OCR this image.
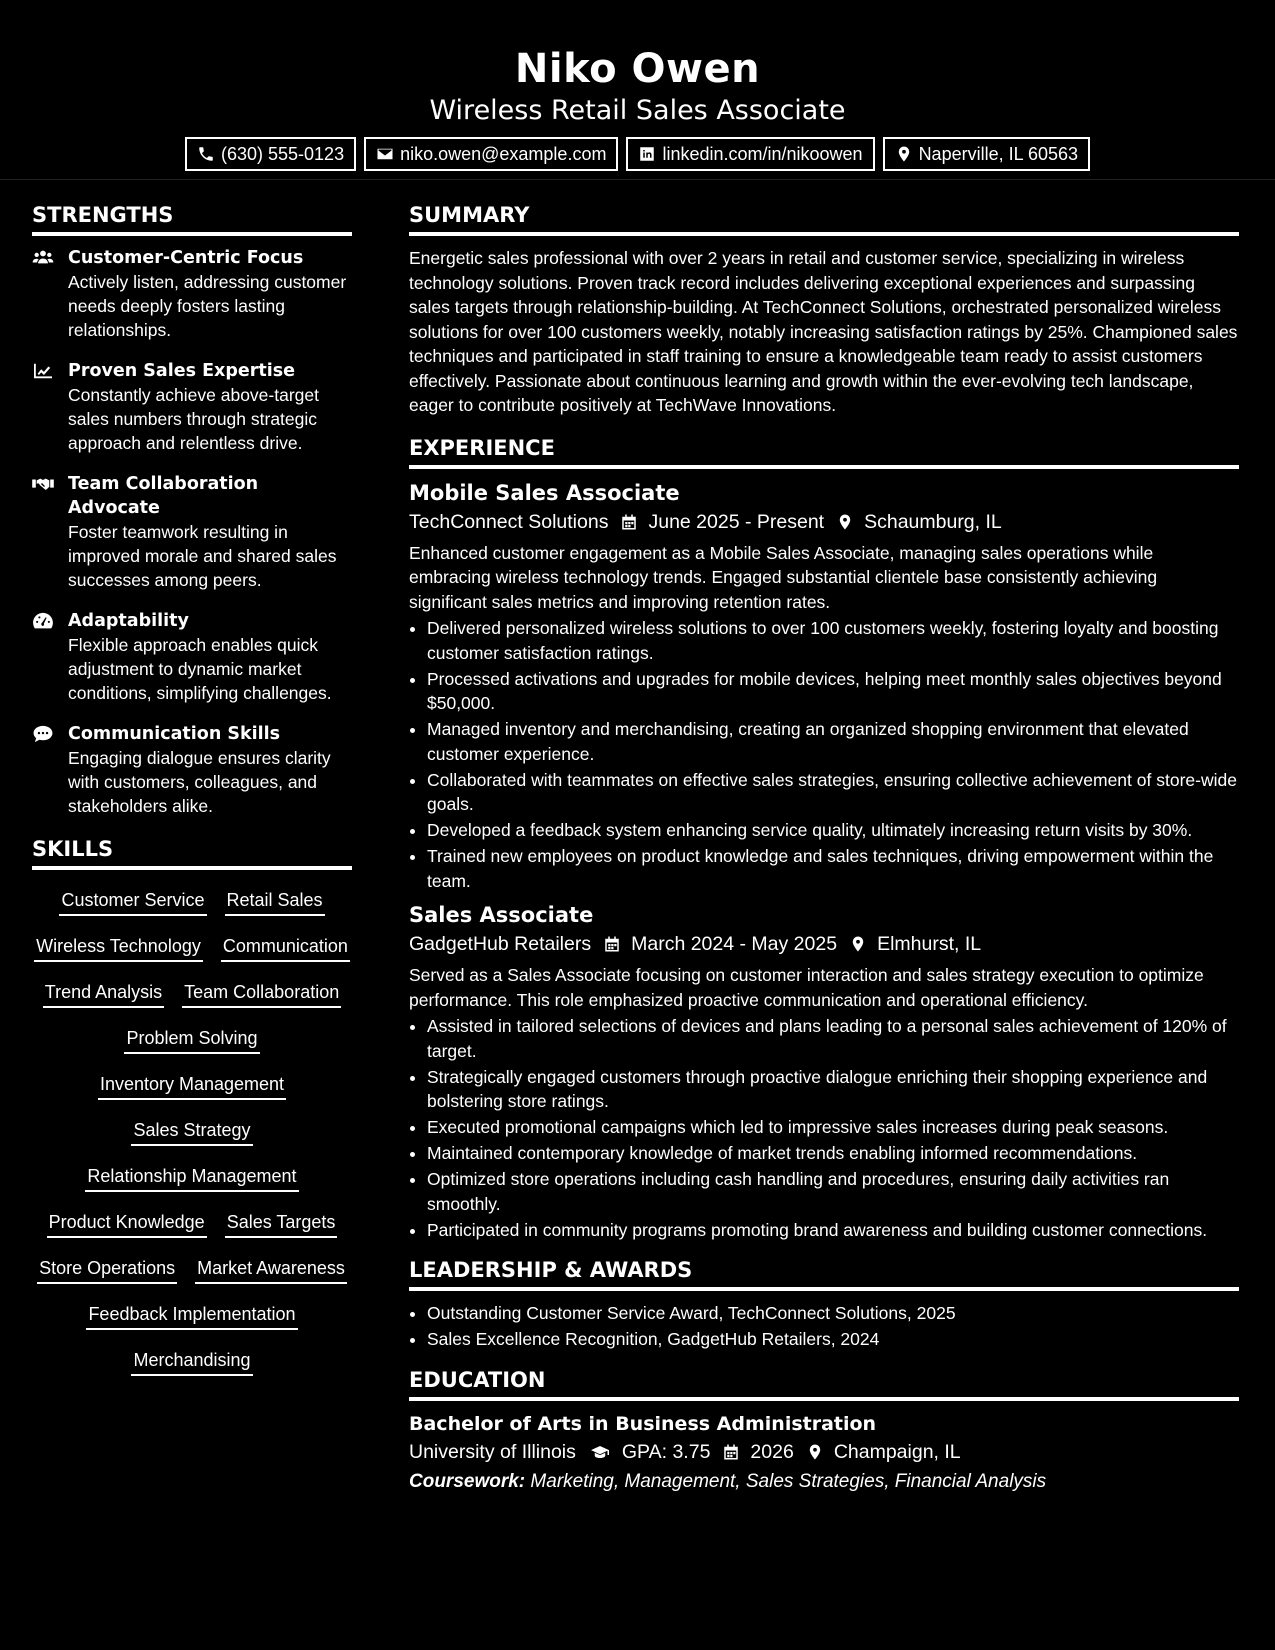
Niko Owen
Wireless Retail Sales Associate
(630) 555-0123	niko.owen@example.com	linkedin.com/in/nikoowen	Naperville, IL 60563
STRENGTHS
Customer-Centric Focus
Actively listen, addressing customer needs deeply fosters lasting relationships.
Proven Sales Expertise
Constantly achieve above-target sales numbers through strategic approach and relentless drive.
Team Collaboration Advocate
Foster teamwork resulting in improved morale and shared sales successes among peers.
Adaptability
Flexible approach enables quick adjustment to dynamic market conditions, simplifying challenges.
Communication Skills
Engaging dialogue ensures clarity with customers, colleagues, and stakeholders alike.
SKILLS
Customer Service Retail Sales
Wireless Technology Communication
Trend Analysis Team Collaboration
Problem Solving
Inventory Management
Sales Strategy
Relationship Management
Product Knowledge Sales Targets
Store Operations Market Awareness
Feedback Implementation
Merchandising
SUMMARY
Energetic sales professional with over 2 years in retail and customer service, specializing in wireless technology solutions. Proven track record includes delivering exceptional experiences and surpassing sales targets through relationship-building. At TechConnect Solutions, orchestrated personalized wireless solutions for over 100 customers weekly, notably increasing satisfaction ratings by 25%. Championed sales techniques and participated in staff training to ensure a knowledgeable team ready to assist customers effectively. Passionate about continuous learning and growth within the ever-evolving tech landscape, eager to contribute positively at TechWave Innovations.
EXPERIENCE
Mobile Sales Associate
TechConnect Solutions June 2025 - Present Schaumburg, IL
Enhanced customer engagement as a Mobile Sales Associate, managing sales operations while embracing wireless technology trends. Engaged substantial clientele base consistently achieving significant sales metrics and improving retention rates.
• Delivered personalized wireless solutions to over 100 customers weekly, fostering loyalty and boosting customer satisfaction ratings.
• Processed activations and upgrades for mobile devices, helping meet monthly sales objectives beyond $50,000.
• Managed inventory and merchandising, creating an organized shopping environment that elevated customer experience.
• Collaborated with teammates on effective sales strategies, ensuring collective achievement of store-wide goals.
• Developed a feedback system enhancing service quality, ultimately increasing return visits by 30%.
• Trained new employees on product knowledge and sales techniques, driving empowerment within the team.
Sales Associate
GadgetHub Retailers March 2024 - May 2025 Elmhurst, IL
Served as a Sales Associate focusing on customer interaction and sales strategy execution to optimize performance. This role emphasized proactive communication and operational efficiency.
• Assisted in tailored selections of devices and plans leading to a personal sales achievement of 120% of target.
• Strategically engaged customers through proactive dialogue enriching their shopping experience and bolstering store ratings.
• Executed promotional campaigns which led to impressive sales increases during peak seasons.
• Maintained contemporary knowledge of market trends enabling informed recommendations.
• Optimized store operations including cash handling and procedures, ensuring daily activities ran smoothly.
• Participated in community programs promoting brand awareness and building customer connections.
LEADERSHIP & AWARDS
• Outstanding Customer Service Award, TechConnect Solutions, 2025
• Sales Excellence Recognition, GadgetHub Retailers, 2024
EDUCATION
Bachelor of Arts in Business Administration
University of Illinois GPA: 3.75 2026 Champaign, IL
Coursework: Marketing, Management, Sales Strategies, Financial Analysis
